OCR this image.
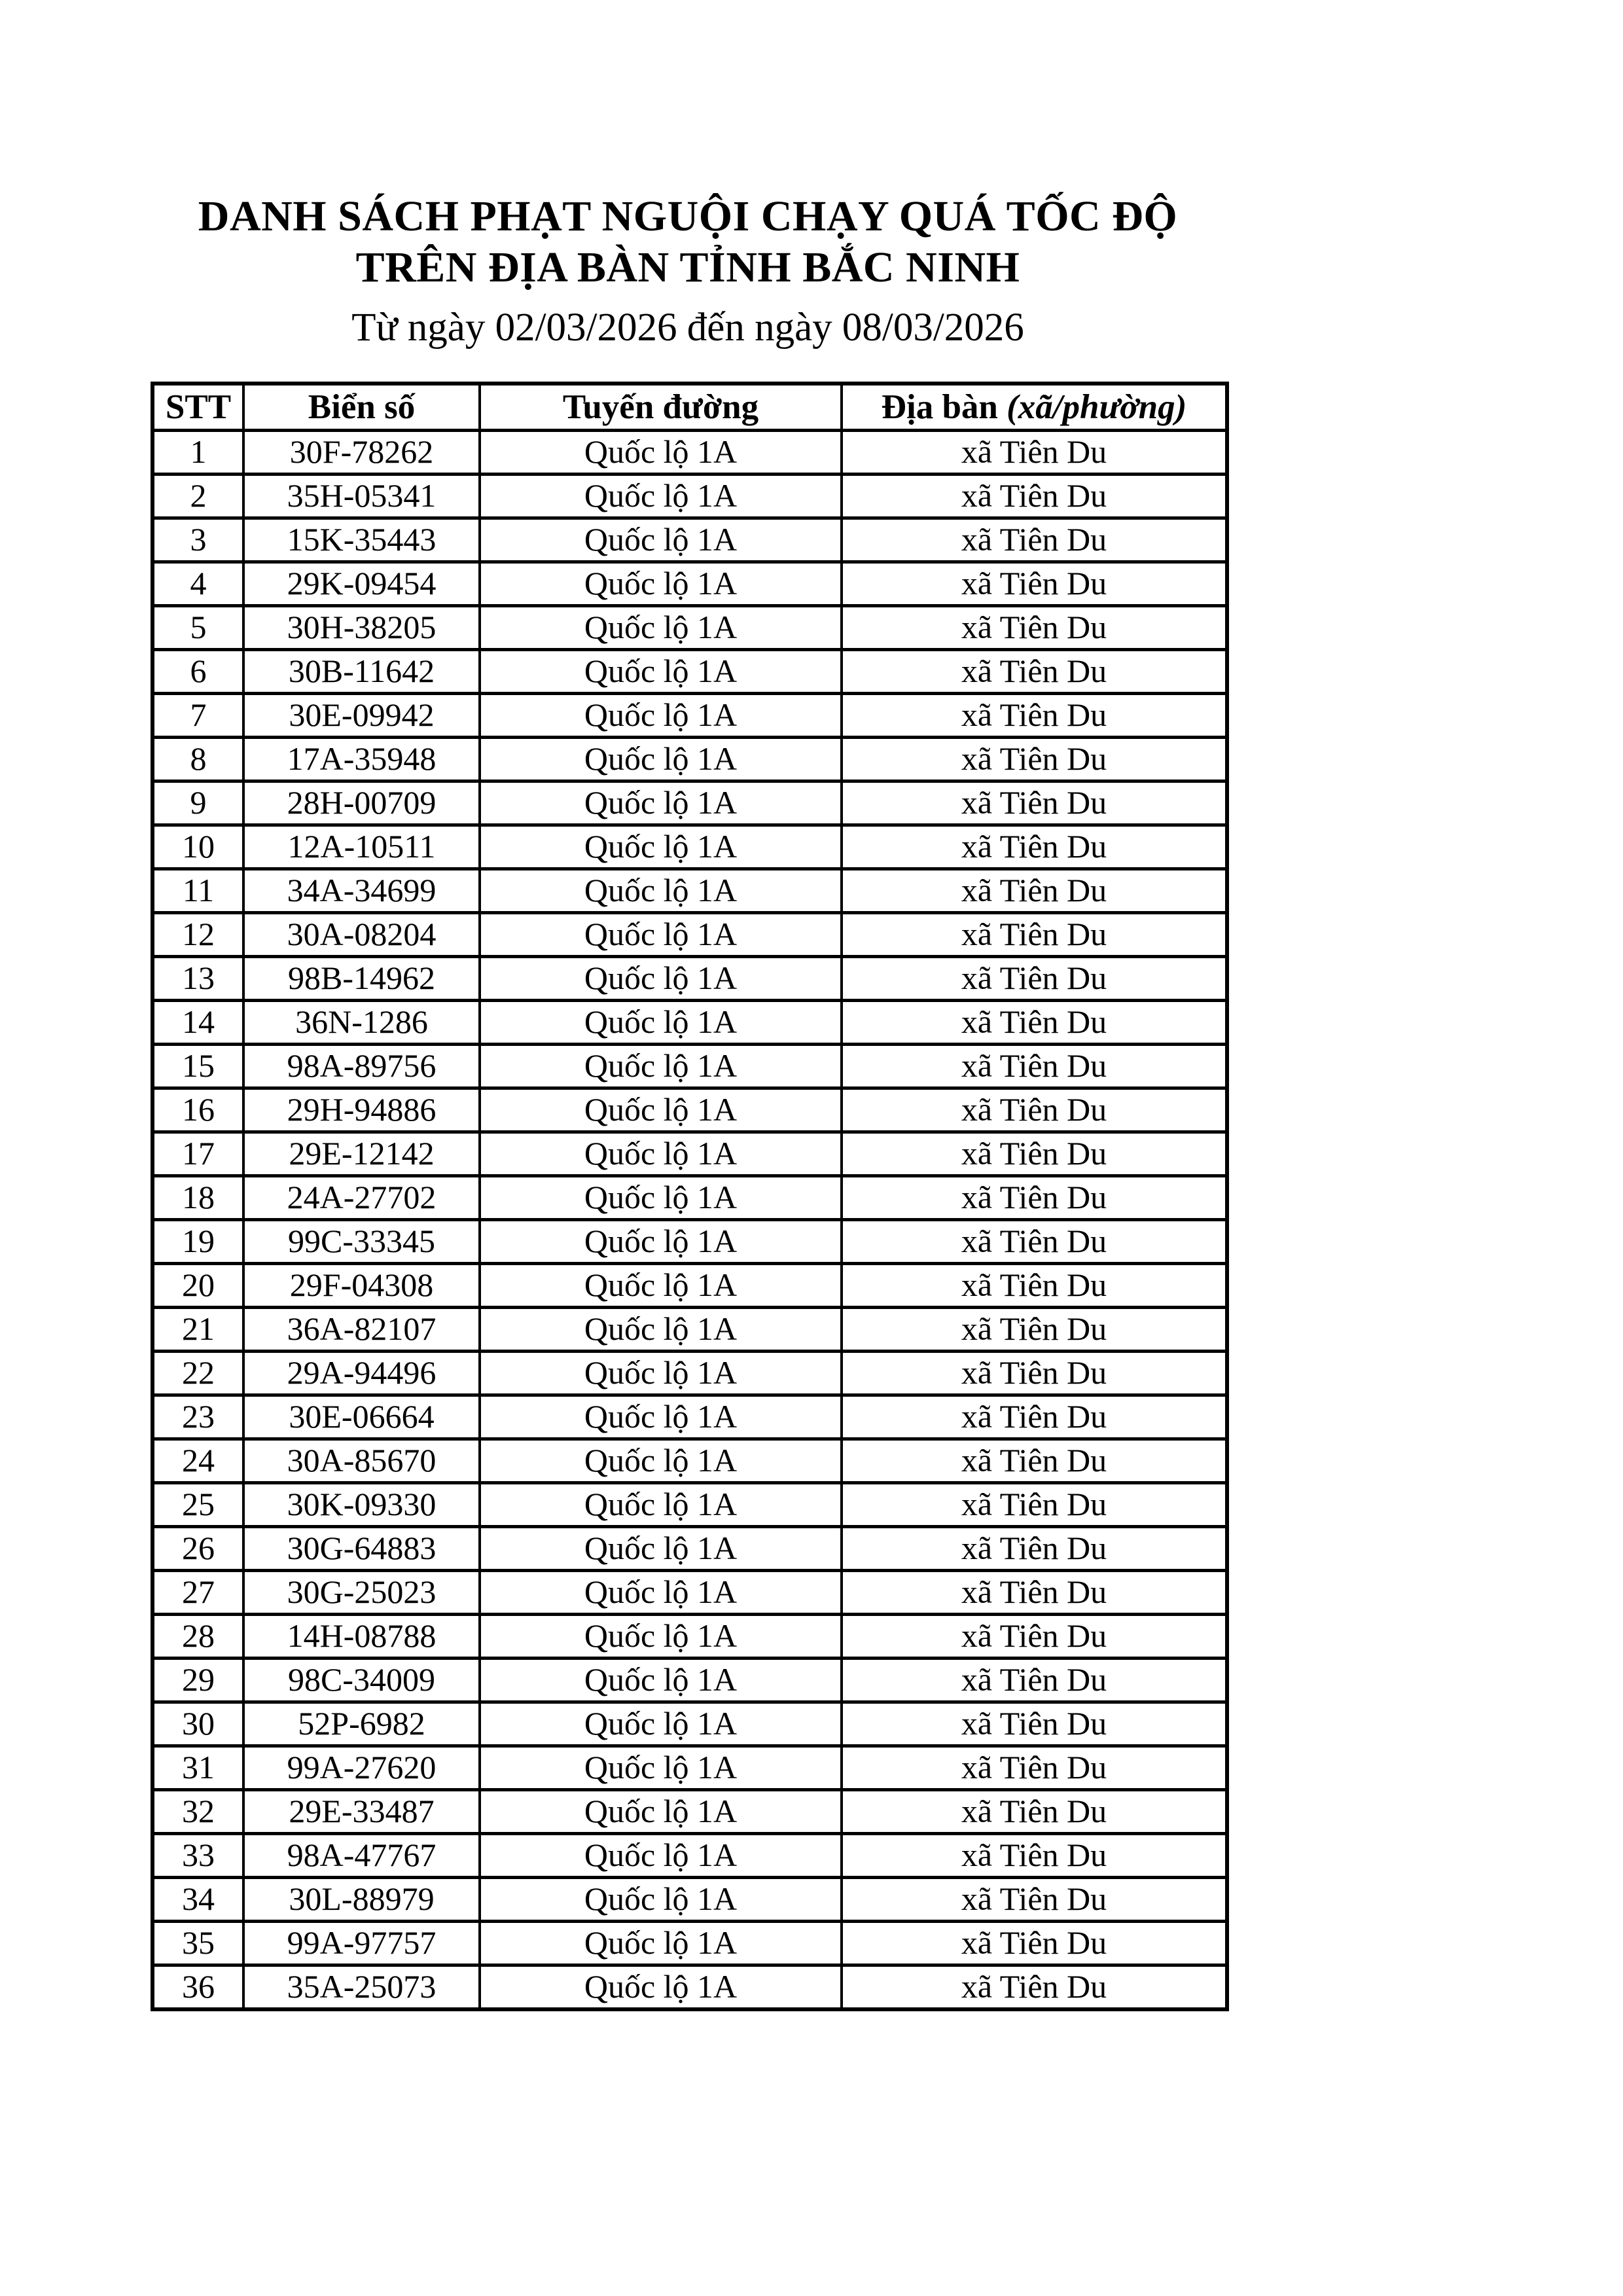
DANH SÁCH PHẠT NGUỘI CHẠY QUÁ TỐC ĐỘ
TRÊN ĐỊA BÀN TỈNH BẮC NINH
Từ ngày 02/03/2026 đến ngày 08/03/2026
STT	Biển số	Tuyến đường	Địa bàn (xã/phường)
1	30F-78262	Quốc lộ 1A	xã Tiên Du
2	35H-05341	Quốc lộ 1A	xã Tiên Du
3	15K-35443	Quốc lộ 1A	xã Tiên Du
4	29K-09454	Quốc lộ 1A	xã Tiên Du
5	30H-38205	Quốc lộ 1A	xã Tiên Du
6	30B-11642	Quốc lộ 1A	xã Tiên Du
7	30E-09942	Quốc lộ 1A	xã Tiên Du
8	17A-35948	Quốc lộ 1A	xã Tiên Du
9	28H-00709	Quốc lộ 1A	xã Tiên Du
10	12A-10511	Quốc lộ 1A	xã Tiên Du
11	34A-34699	Quốc lộ 1A	xã Tiên Du
12	30A-08204	Quốc lộ 1A	xã Tiên Du
13	98B-14962	Quốc lộ 1A	xã Tiên Du
14	36N-1286	Quốc lộ 1A	xã Tiên Du
15	98A-89756	Quốc lộ 1A	xã Tiên Du
16	29H-94886	Quốc lộ 1A	xã Tiên Du
17	29E-12142	Quốc lộ 1A	xã Tiên Du
18	24A-27702	Quốc lộ 1A	xã Tiên Du
19	99C-33345	Quốc lộ 1A	xã Tiên Du
20	29F-04308	Quốc lộ 1A	xã Tiên Du
21	36A-82107	Quốc lộ 1A	xã Tiên Du
22	29A-94496	Quốc lộ 1A	xã Tiên Du
23	30E-06664	Quốc lộ 1A	xã Tiên Du
24	30A-85670	Quốc lộ 1A	xã Tiên Du
25	30K-09330	Quốc lộ 1A	xã Tiên Du
26	30G-64883	Quốc lộ 1A	xã Tiên Du
27	30G-25023	Quốc lộ 1A	xã Tiên Du
28	14H-08788	Quốc lộ 1A	xã Tiên Du
29	98C-34009	Quốc lộ 1A	xã Tiên Du
30	52P-6982	Quốc lộ 1A	xã Tiên Du
31	99A-27620	Quốc lộ 1A	xã Tiên Du
32	29E-33487	Quốc lộ 1A	xã Tiên Du
33	98A-47767	Quốc lộ 1A	xã Tiên Du
34	30L-88979	Quốc lộ 1A	xã Tiên Du
35	99A-97757	Quốc lộ 1A	xã Tiên Du
36	35A-25073	Quốc lộ 1A	xã Tiên Du
